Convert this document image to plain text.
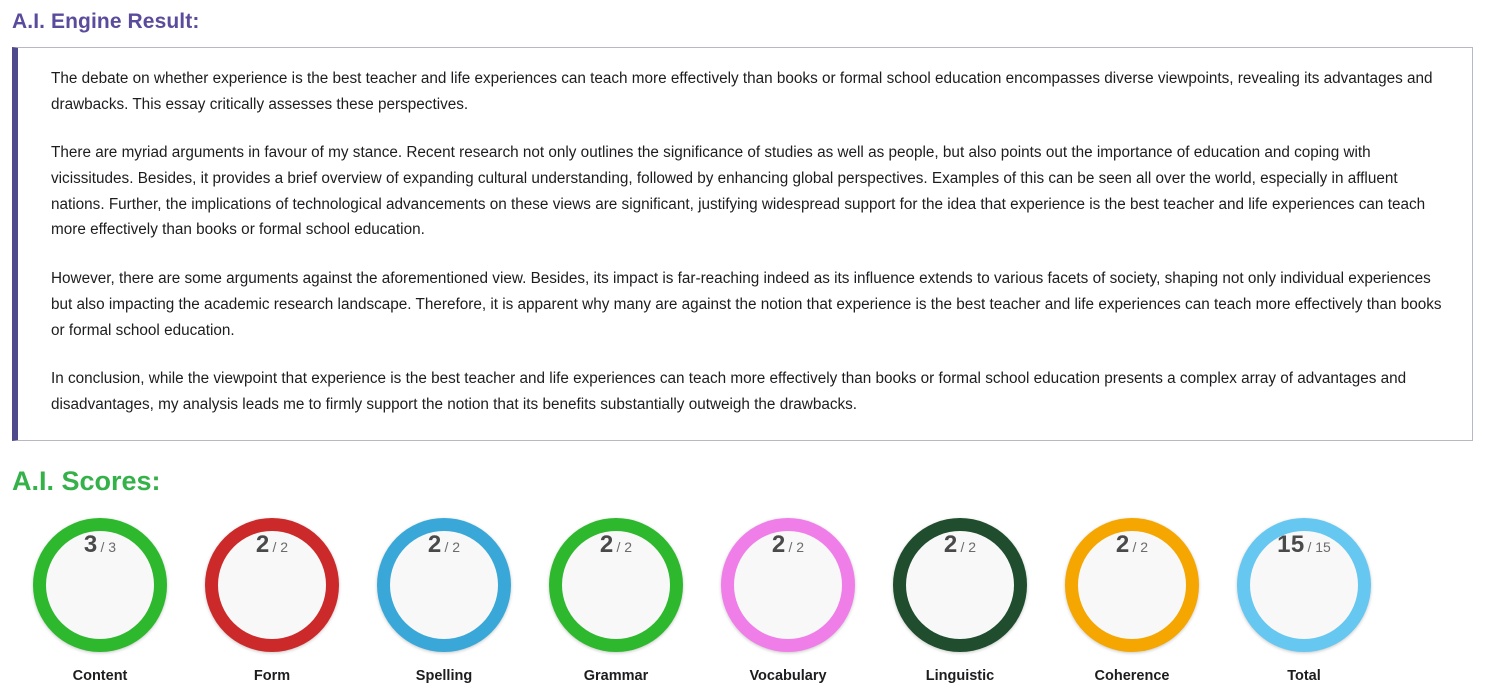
A.I. Engine Result:

The debate on whether experience is the best teacher and life experiences can teach more effectively than books or formal school education encompasses diverse viewpoints, revealing its advantages and drawbacks. This essay critically assesses these perspectives.

There are myriad arguments in favour of my stance. Recent research not only outlines the significance of studies as well as people, but also points out the importance of education and coping with vicissitudes. Besides, it provides a brief overview of expanding cultural understanding, followed by enhancing global perspectives. Examples of this can be seen all over the world, especially in affluent nations. Further, the implications of technological advancements on these views are significant, justifying widespread support for the idea that experience is the best teacher and life experiences can teach more effectively than books or formal school education.

However, there are some arguments against the aforementioned view. Besides, its impact is far-reaching indeed as its influence extends to various facets of society, shaping not only individual experiences but also impacting the academic research landscape. Therefore, it is apparent why many are against the notion that experience is the best teacher and life experiences can teach more effectively than books or formal school education.

In conclusion, while the viewpoint that experience is the best teacher and life experiences can teach more effectively than books or formal school education presents a complex array of advantages and disadvantages, my analysis leads me to firmly support the notion that its benefits substantially outweigh the drawbacks.

A.I. Scores:
3 / 3
Content
2 / 2
Form
2 / 2
Spelling
2 / 2
Grammar
2 / 2
Vocabulary
2 / 2
Linguistic
2 / 2
Coherence
15 / 15
Total
